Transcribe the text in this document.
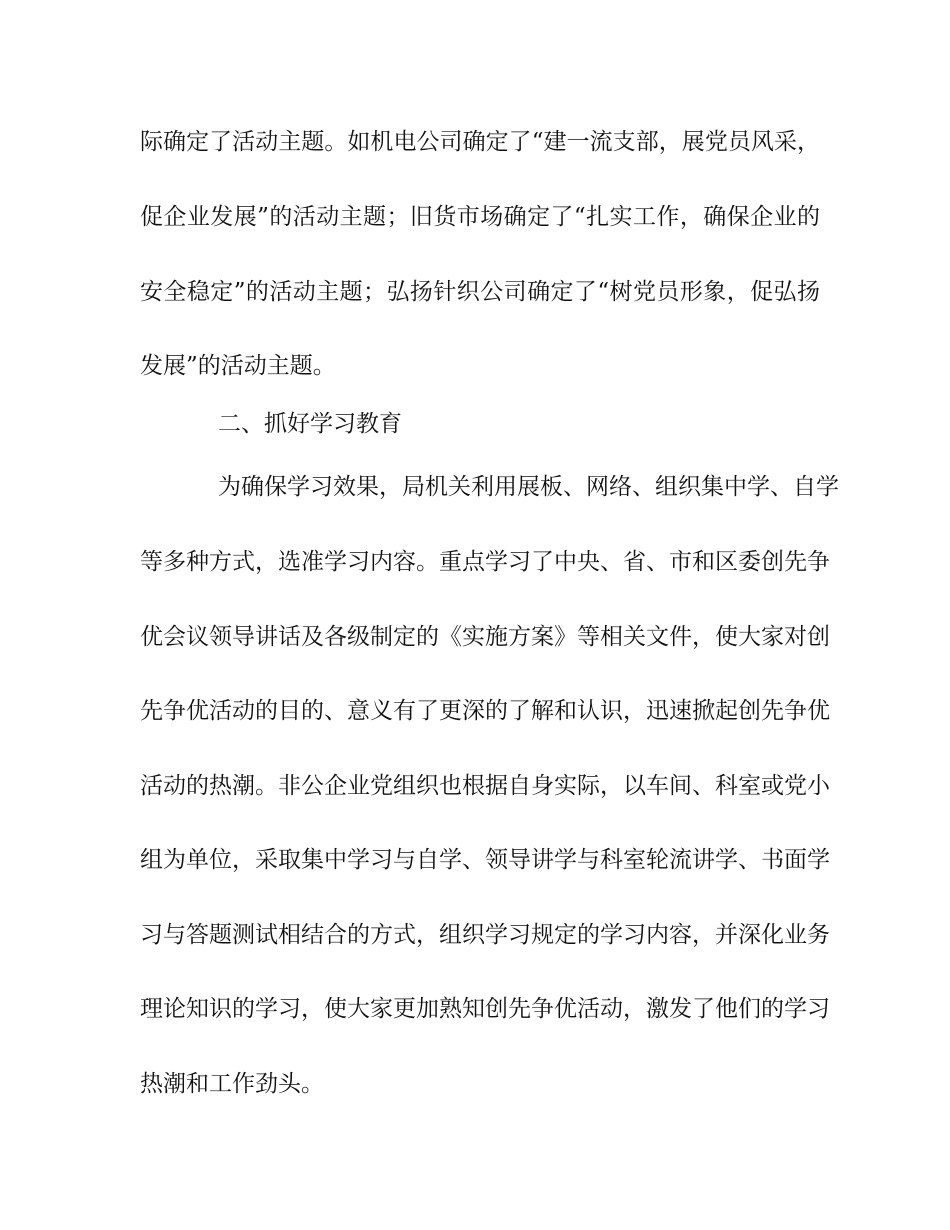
际确定了活动主题。如机电公司确定了“建一流支部，展党员风采，
促企业发展”的活动主题；旧货市场确定了“扎实工作，确保企业的
安全稳定”的活动主题；弘扬针织公司确定了“树党员形象，促弘扬
发展”的活动主题。
二、抓好学习教育
为确保学习效果，局机关利用展板、网络、组织集中学、自学
等多种方式，选准学习内容。重点学习了中央、省、市和区委创先争
优会议领导讲话及各级制定的《实施方案》等相关文件，使大家对创
先争优活动的目的、意义有了更深的了解和认识，迅速掀起创先争优
活动的热潮。非公企业党组织也根据自身实际，以车间、科室或党小
组为单位，采取集中学习与自学、领导讲学与科室轮流讲学、书面学
习与答题测试相结合的方式，组织学习规定的学习内容，并深化业务
理论知识的学习，使大家更加熟知创先争优活动，激发了他们的学习
热潮和工作劲头。
